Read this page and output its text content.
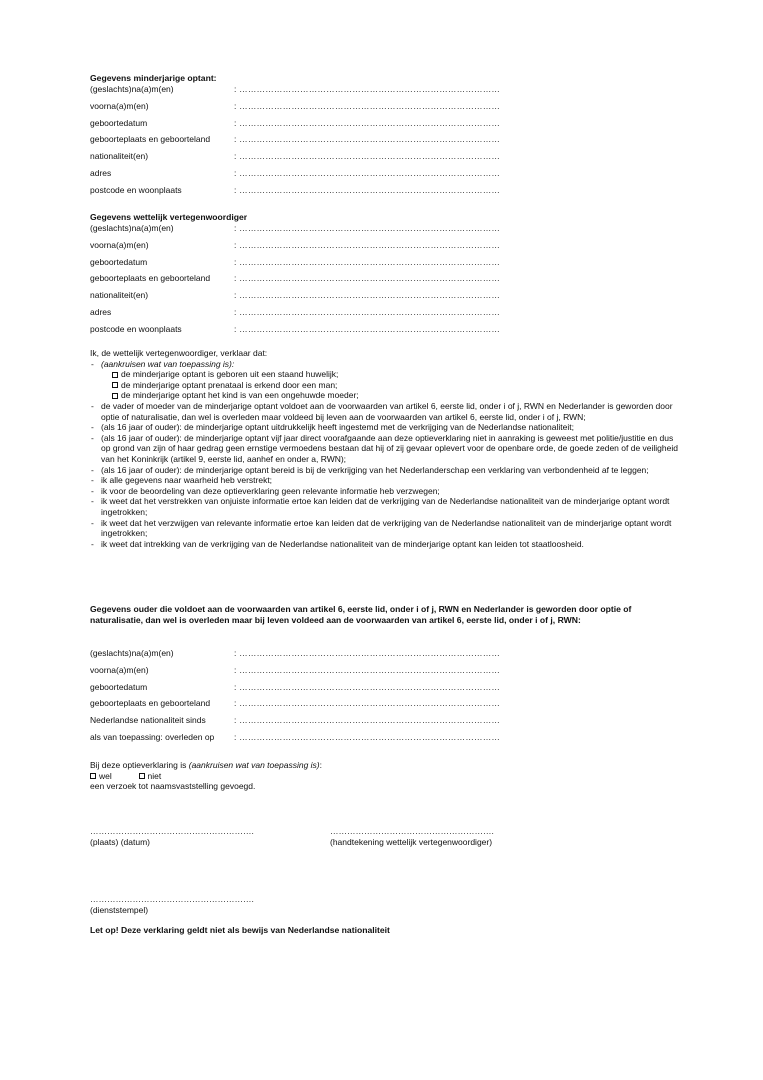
Gegevens minderjarige optant:
(geslachts)na(a)m(en)	: ………………………………………………………………………………
voorna(a)m(en)	: ………………………………………………………………………………
geboortedatum	: ………………………………………………………………………………
geboorteplaats en geboorteland	: ………………………………………………………………………………
nationaliteit(en)	: ………………………………………………………………………………
adres	: ………………………………………………………………………………
postcode en woonplaats	: ………………………………………………………………………………
Gegevens wettelijk vertegenwoordiger
(geslachts)na(a)m(en)	: ………………………………………………………………………………
voorna(a)m(en)	: ………………………………………………………………………………
geboortedatum	: ………………………………………………………………………………
geboorteplaats en geboorteland	: ………………………………………………………………………………
nationaliteit(en)	: ………………………………………………………………………………
adres	: ………………………………………………………………………………
postcode en woonplaats	: ………………………………………………………………………………

Ik, de wettelijk vertegenwoordiger, verklaar dat:

- (aankruisen wat van toepassing is):
de minderjarige optant is geboren uit een staand huwelijk;
de minderjarige optant prenataal is erkend door een man;
de minderjarige optant het kind is van een ongehuwde moeder;
- de vader of moeder van de minderjarige optant voldoet aan de voorwaarden van artikel 6, eerste lid, onder i of j, RWN en Nederlander is geworden door optie of naturalisatie, dan wel is overleden maar voldeed bij leven aan de voorwaarden van artikel 6, eerste lid, onder i of j, RWN;
- (als 16 jaar of ouder): de minderjarige optant uitdrukkelijk heeft ingestemd met de verkrijging van de Nederlandse nationaliteit;
- (als 16 jaar of ouder): de minderjarige optant vijf jaar direct voorafgaande aan deze optieverklaring niet in aanraking is geweest met politie/justitie en dus op grond van zijn of haar gedrag geen ernstige vermoedens bestaan dat hij of zij gevaar oplevert voor de openbare orde, de goede zeden of de veiligheid van het Koninkrijk (artikel 9, eerste lid, aanhef en onder a, RWN);
- (als 16 jaar of ouder): de minderjarige optant bereid is bij de verkrijging van het Nederlanderschap een verklaring van verbondenheid af te leggen;
- ik alle gegevens naar waarheid heb verstrekt;
- ik voor de beoordeling van deze optieverklaring geen relevante informatie heb verzwegen;
- ik weet dat het verstrekken van onjuiste informatie ertoe kan leiden dat de verkrijging van de Nederlandse nationaliteit van de minderjarige optant wordt ingetrokken;
- ik weet dat het verzwijgen van relevante informatie ertoe kan leiden dat de verkrijging van de Nederlandse nationaliteit van de minderjarige optant wordt ingetrokken;
- ik weet dat intrekking van de verkrijging van de Nederlandse nationaliteit van de minderjarige optant kan leiden tot staatloosheid.
Gegevens ouder die voldoet aan de voorwaarden van artikel 6, eerste lid, onder i of j, RWN en Nederlander is geworden door optie of naturalisatie, dan wel is overleden maar bij leven voldeed aan de voorwaarden van artikel 6, eerste lid, onder i of j, RWN:
(geslachts)na(a)m(en)	: ………………………………………………………………………………
voorna(a)m(en)	: ………………………………………………………………………………
geboortedatum	: ………………………………………………………………………………
geboorteplaats en geboorteland	: ………………………………………………………………………………
Nederlandse nationaliteit sinds	: ………………………………………………………………………………
als van toepassing: overleden op : ………………………………………………………………………………
Bij deze optieverklaring is (aankruisen wat van toepassing is):
wel	niet
een verzoek tot naamsvaststelling gevoegd.
………………………………………………….
(plaats) (datum)
………………………………………………….
(handtekening wettelijk vertegenwoordiger)
………………………………………………….
(dienststempel)
Let op! Deze verklaring geldt niet als bewijs van Nederlandse nationaliteit
